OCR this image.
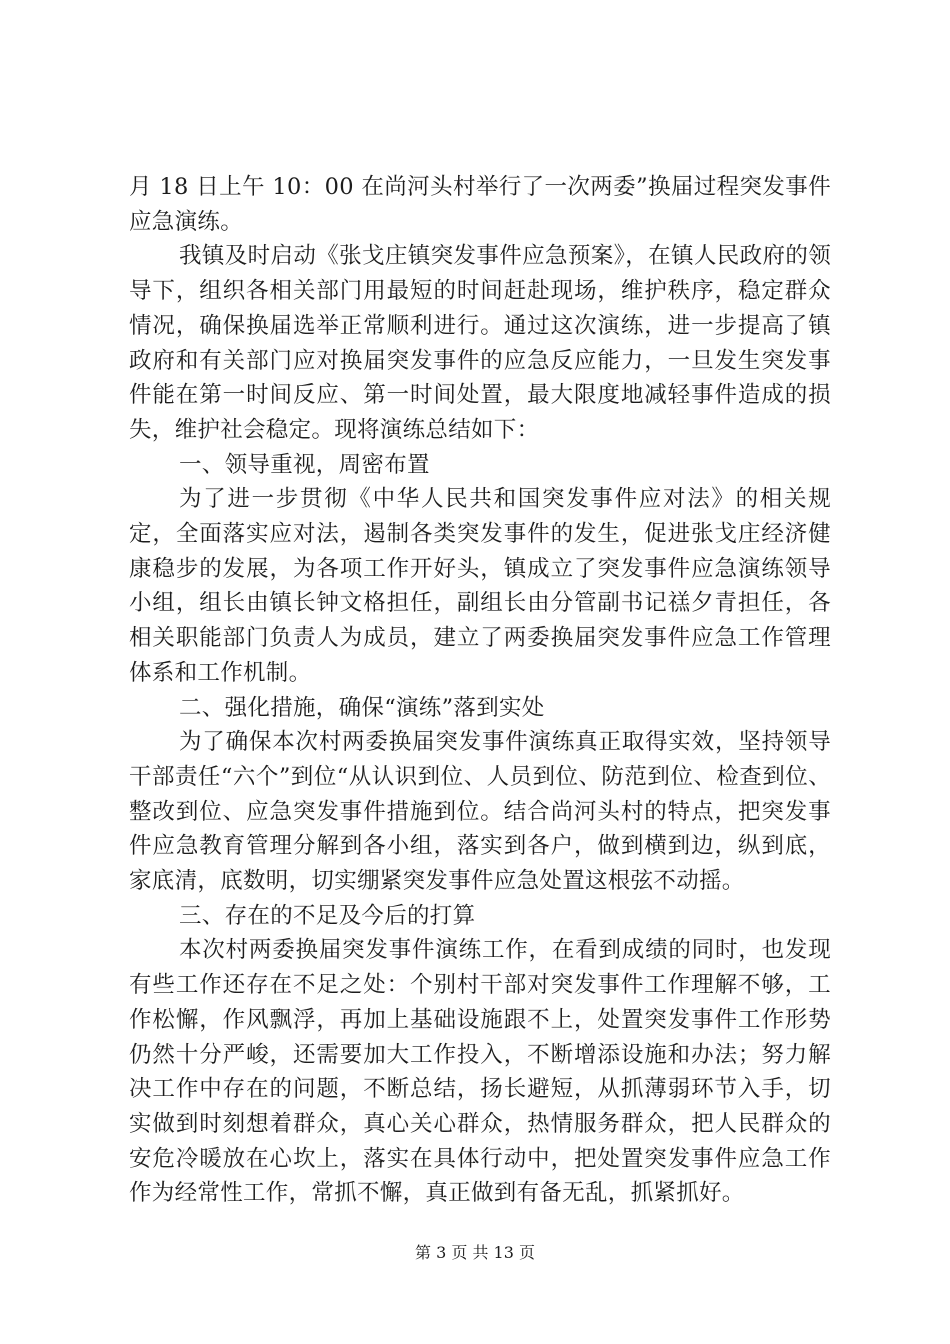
月 18 日上午 10：00 在尚河头村举行了一次两委”换届过程突发事件应急演练。

我镇及时启动《张戈庄镇突发事件应急预案》，在镇人民政府的领导下，组织各相关部门用最短的时间赶赴现场，维护秩序，稳定群众情况，确保换届选举正常顺利进行。通过这次演练，进一步提高了镇政府和有关部门应对换届突发事件的应急反应能力，一旦发生突发事件能在第一时间反应、第一时间处置，最大限度地减轻事件造成的损失，维护社会稳定。现将演练总结如下：

一、领导重视，周密布置

为了进一步贯彻《中华人民共和国突发事件应对法》的相关规定，全面落实应对法，遏制各类突发事件的发生，促进张戈庄经济健康稳步的发展，为各项工作开好头，镇成立了突发事件应急演练领导小组，组长由镇长钟文格担任，副组长由分管副书记禚夕青担任，各相关职能部门负责人为成员，建立了两委换届突发事件应急工作管理体系和工作机制。

二、强化措施，确保“演练”落到实处

为了确保本次村两委换届突发事件演练真正取得实效，坚持领导干部责任“六个”到位“从认识到位、人员到位、防范到位、检查到位、整改到位、应急突发事件措施到位。结合尚河头村的特点，把突发事件应急教育管理分解到各小组，落实到各户，做到横到边，纵到底，家底清，底数明，切实绷紧突发事件应急处置这根弦不动摇。

三、存在的不足及今后的打算

本次村两委换届突发事件演练工作，在看到成绩的同时，也发现有些工作还存在不足之处：个别村干部对突发事件工作理解不够，工作松懈，作风飘浮，再加上基础设施跟不上，处置突发事件工作形势仍然十分严峻，还需要加大工作投入，不断增添设施和办法；努力解决工作中存在的问题，不断总结，扬长避短，从抓薄弱环节入手，切实做到时刻想着群众，真心关心群众，热情服务群众，把人民群众的安危冷暖放在心坎上，落实在具体行动中，把处置突发事件应急工作作为经常性工作，常抓不懈，真正做到有备无乱，抓紧抓好。

第 3 页 共 13 页
